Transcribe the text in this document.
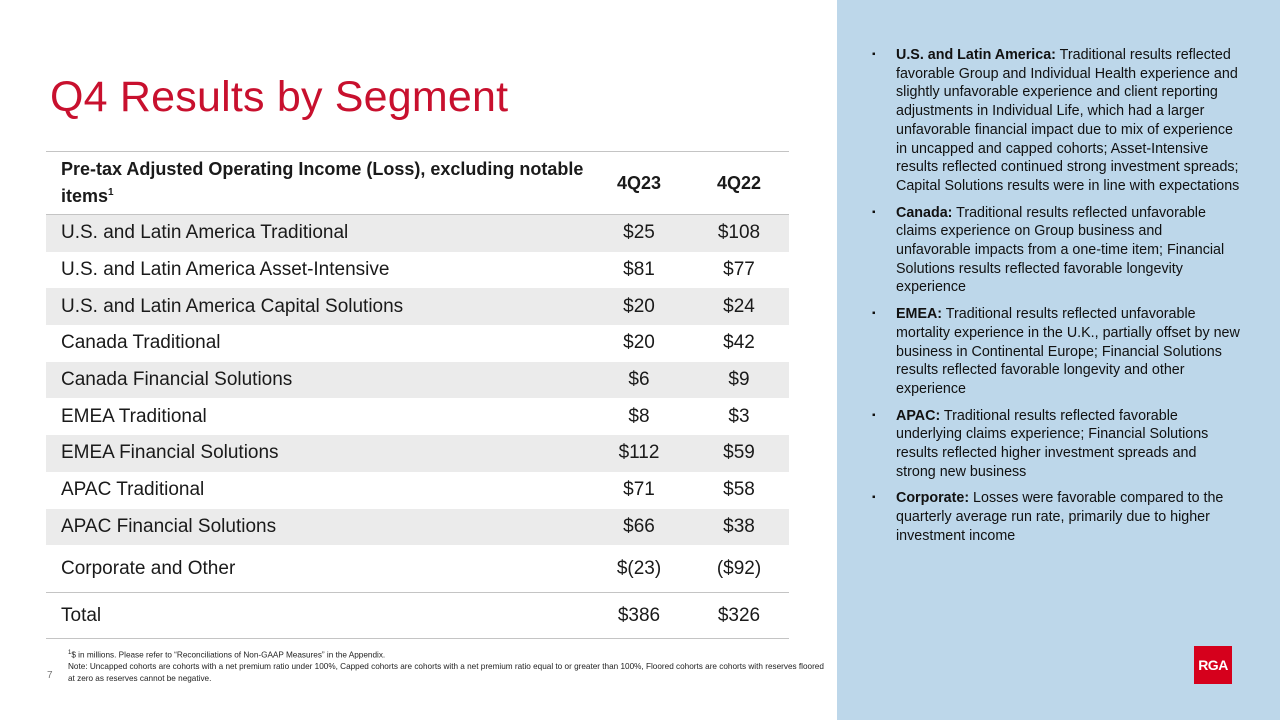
Q4 Results by Segment
Pre-tax Adjusted Operating Income (Loss), excluding notable items$^1$	4Q23	4Q22
U.S. and Latin America Traditional	$25	$108
U.S. and Latin America Asset-Intensive	$81	$77
U.S. and Latin America Capital Solutions	$20	$24
Canada Traditional	$20	$42
Canada Financial Solutions	$6	$9
EMEA Traditional	$8	$3
EMEA Financial Solutions	$112	$59
APAC Traditional	$71	$58
APAC Financial Solutions	$66	$38
Corporate and Other	$(23)	($92)
Total	$386	$326
$^1$\$ in millions. Please refer to “Reconciliations of Non-GAAP Measures” in the Appendix.
Note: Uncapped cohorts are cohorts with a net premium ratio under 100%, Capped cohorts are cohorts with a net premium ratio equal to or greater than 100%, Floored cohorts are cohorts with reserves floored at zero as reserves cannot be negative.
7
▪ U.S. and Latin America: Traditional results reflected favorable Group and Individual Health experience and slightly unfavorable experience and client reporting adjustments in Individual Life, which had a larger unfavorable financial impact due to mix of experience in uncapped and capped cohorts; Asset-Intensive results reflected continued strong investment spreads; Capital Solutions results were in line with expectations
▪ Canada: Traditional results reflected unfavorable claims experience on Group business and unfavorable impacts from a one-time item; Financial Solutions results reflected favorable longevity experience
▪ EMEA: Traditional results reflected unfavorable mortality experience in the U.K., partially offset by new business in Continental Europe; Financial Solutions results reflected favorable longevity and other experience
▪ APAC: Traditional results reflected favorable underlying claims experience; Financial Solutions results reflected higher investment spreads and strong new business
▪ Corporate: Losses were favorable compared to the quarterly average run rate, primarily due to higher investment income
RGA
